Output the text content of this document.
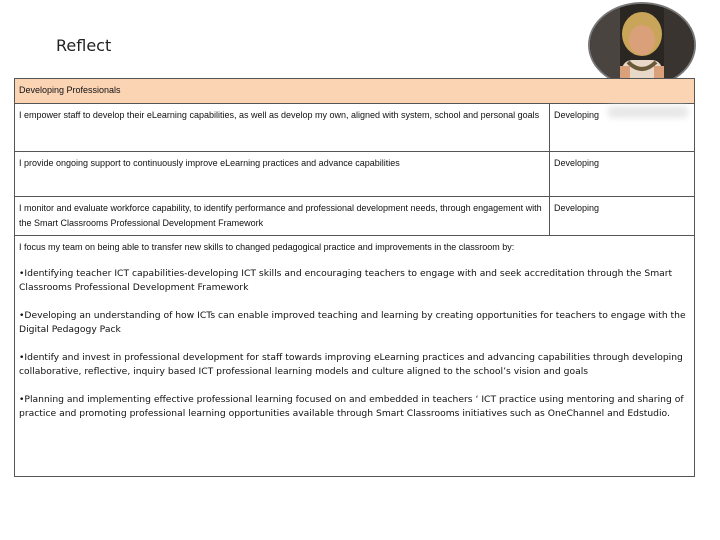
Reflect
Developing Professionals	
I empower staff to develop their eLearning capabilities, as well as develop my own, aligned with system, school and personal goals	Developing

I provide ongoing support to continuously improve eLearning practices and advance capabilities	Developing
I monitor and evaluate workforce capability, to identify performance and professional development needs, through engagement with the Smart Classrooms Professional Development Framework	Developing

I focus my team on being able to transfer new skills to changed pedagogical practice and improvements in the classroom by:
•Identifying teacher ICT capabilities-developing ICT skills and encouraging teachers to engage with and seek accreditation through the Smart Classrooms Professional Development Framework
•Developing an understanding of how ICTs can enable improved teaching and learning by creating opportunities for teachers to engage with the Digital Pedagogy Pack
•Identify and invest in professional development for staff towards improving eLearning practices and advancing capabilities through developing collaborative, reflective, inquiry based ICT professional learning models and culture aligned to the school’s vision and goals
•Planning and implementing effective professional learning focused on and embedded in teachers ‘ ICT practice using mentoring and sharing of practice and promoting professional learning opportunities available through Smart Classrooms initiatives such as OneChannel and Edstudio.	
